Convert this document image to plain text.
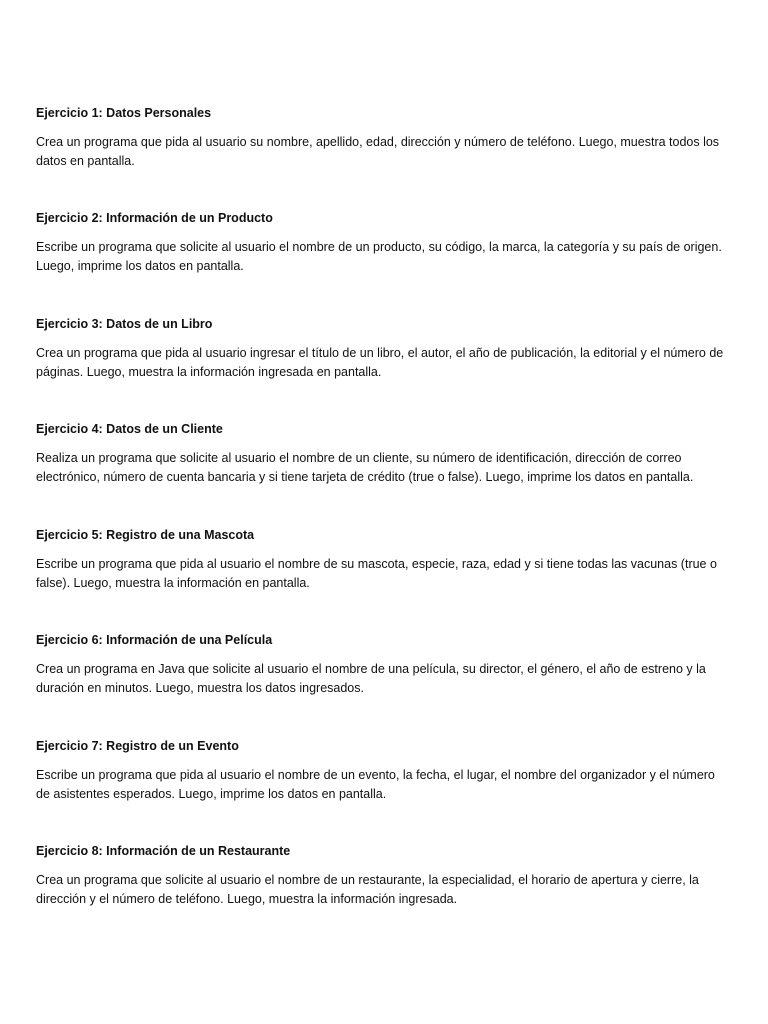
Ejercicio 1: Datos Personales

Crea un programa que pida al usuario su nombre, apellido, edad, dirección y número de teléfono. Luego, muestra todos los datos en pantalla.

Ejercicio 2: Información de un Producto

Escribe un programa que solicite al usuario el nombre de un producto, su código, la marca, la categoría y su país de origen. Luego, imprime los datos en pantalla.

Ejercicio 3: Datos de un Libro

Crea un programa que pida al usuario ingresar el título de un libro, el autor, el año de publicación, la editorial y el número de páginas. Luego, muestra la información ingresada en pantalla.

Ejercicio 4: Datos de un Cliente

Realiza un programa que solicite al usuario el nombre de un cliente, su número de identificación, dirección de correo electrónico, número de cuenta bancaria y si tiene tarjeta de crédito (true o false). Luego, imprime los datos en pantalla.

Ejercicio 5: Registro de una Mascota

Escribe un programa que pida al usuario el nombre de su mascota, especie, raza, edad y si tiene todas las vacunas (true o false). Luego, muestra la información en pantalla.

Ejercicio 6: Información de una Película

Crea un programa en Java que solicite al usuario el nombre de una película, su director, el género, el año de estreno y la duración en minutos. Luego, muestra los datos ingresados.

Ejercicio 7: Registro de un Evento

Escribe un programa que pida al usuario el nombre de un evento, la fecha, el lugar, el nombre del organizador y el número de asistentes esperados. Luego, imprime los datos en pantalla.

Ejercicio 8: Información de un Restaurante

Crea un programa que solicite al usuario el nombre de un restaurante, la especialidad, el horario de apertura y cierre, la dirección y el número de teléfono. Luego, muestra la información ingresada.
